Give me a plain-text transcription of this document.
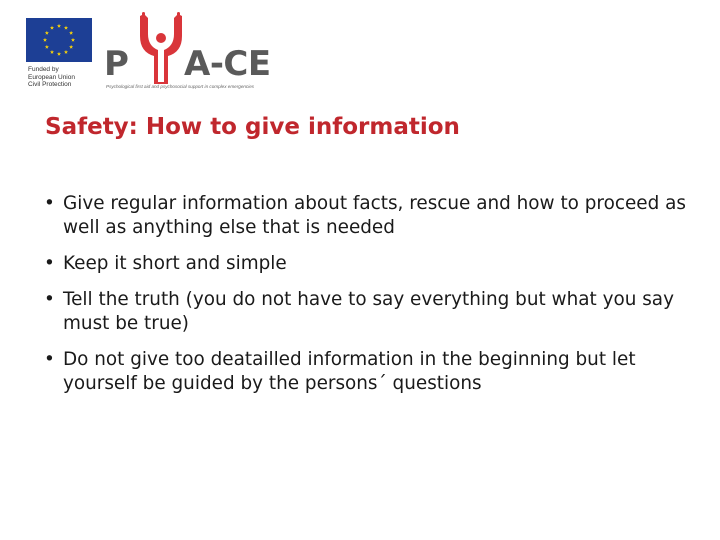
Funded by
European Union
Civil Protection
P A-CE
Psychological first aid and psychosocial support in complex emergencies
Safety: How to give information
• Give regular information about facts, rescue and how to proceed as well as anything else that is needed
• Keep it short and simple
• Tell the truth (you do not have to say everything but what you say must be true)
• Do not give too deatailled information in the beginning but let yourself be guided by the persons´ questions
